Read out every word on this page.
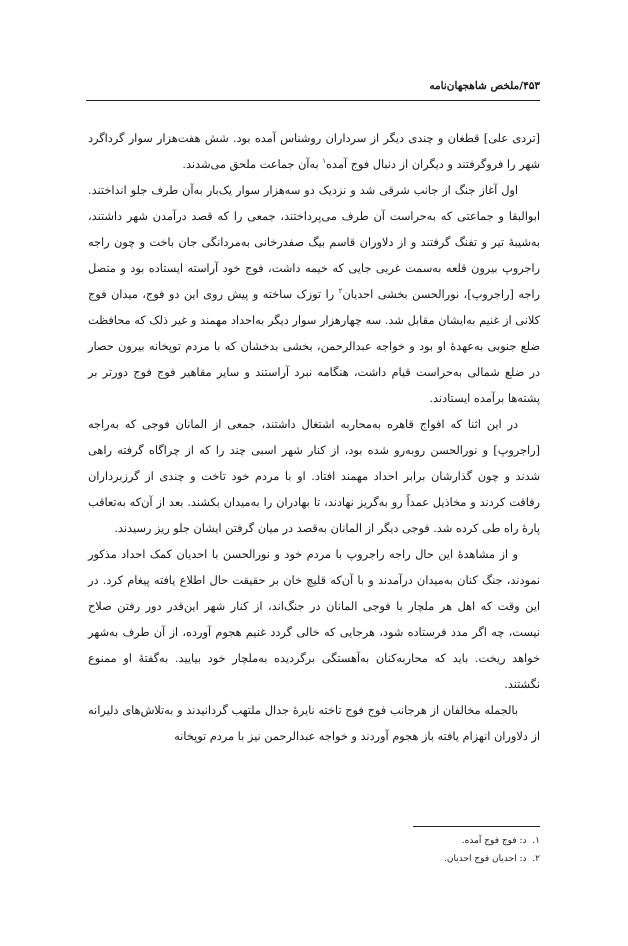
۴۵۳/ملخص شاهجهان‌نامه

[تردی علی] قطغان و چندی دیگر از سرداران روشناس آمده بود. شش هفت‌هزار سوار گرداگرد شهر را فروگرفتند و دیگران از دنبال فوج آمده$^۱$ به‌آن جماعت ملحق می‌شدند.

اول آغاز جنگ از جانب شرقی شد و نزدیک دو سه‌هزار سوار یک‌بار به‌آن طرف جلو انداختند. ابوالبقا و جماعتی که به‌حراست آن طرف می‌پرداختند، جمعی را که قصد درآمدن شهر داشتند، به‌شیبهٔ تیر و تفنگ گرفتند و از دلاوران قاسم بیگ صفدرخانی به‌مردانگی جان باخت و چون راجه راجروپ بیرون قلعه به‌سمت غربی جایی که خیمه داشت، فوج خود آراسته ایستاده بود و متصل راجه [راجروپ]، نورالحسن بخشی احدیان$^۲$ را توزک ساخته و پیش روی این دو فوج، میدان فوج کلانی از غنیم به‌ایشان مقابل شد. سه چهارهزار سوار دیگر به‌احداد مهمند و غیر ذلک که محافظت ضلع جنوبی به‌عهدهٔ او بود و خواجه عبدالرحمن، بخشی بدخشان که با مردم توپخانه بیرون حصار در ضلع شمالی به‌حراست قیام داشت، هنگامه نبرد آراستند و سایر مقاهیر فوج فوج دورتر بر پشته‌ها برآمده ایستادند.

در این اثنا که افواج قاهره به‌محاربه اشتغال داشتند، جمعی از المانان فوجی که به‌راجه [راجروپ] و نورالحسن روبه‌رو شده بود، از کنار شهر اسبی چند را که از چراگاه گرفته راهی شدند و چون گذارشان برابر احداد مهمند افتاد. او با مردم خود تاخت و چندی از گرزبرداران رفاقت کردند و مخاذیل عمداً رو به‌گریز نهادند، تا بهادران را به‌میدان بکشند. بعد از آن‌که به‌تعاقب پارهٔ راه طی کرده شد. فوجی دیگر از المانان به‌قصد در میان گرفتن ایشان جلو ریز رسیدند.

و از مشاهدهٔ این حال راجه راجروپ با مردم خود و نورالحسن با احدیان کمک احداد مذکور نمودند، جنگ کنان به‌میدان درآمدند و با آن‌که قلیچ خان بر حقیقت حال اطلاع یافته پیغام کرد. در این وقت که اهل هر ملچار با فوجی المانان در جنگ‌اند، از کنار شهر این‌قدر دور رفتن صلاح نیست، چه اگر مدد فرستاده شود، هرجایی که خالی گردد غنیم هجوم آورده، از آن طرف به‌شهر خواهد ریخت. باید که محاربه‌کنان به‌آهستگی برگردیده به‌ملچار خود بیایید. به‌گفتهٔ او ممنوع نگشتند.

بالجمله مخالفان از هرجانب فوج فوج تاخته نایرهٔ جدال ملتهب گردانیدند و به‌تلاش‌های دلیرانه از دلاوران انهزام یافته باز هجوم آوردند و خواجه عبدالرحمن نیز با مردم توپخانه

۱.  د: فوج فوج آمده.
۲.  د: احدیان فوج احدیان.
